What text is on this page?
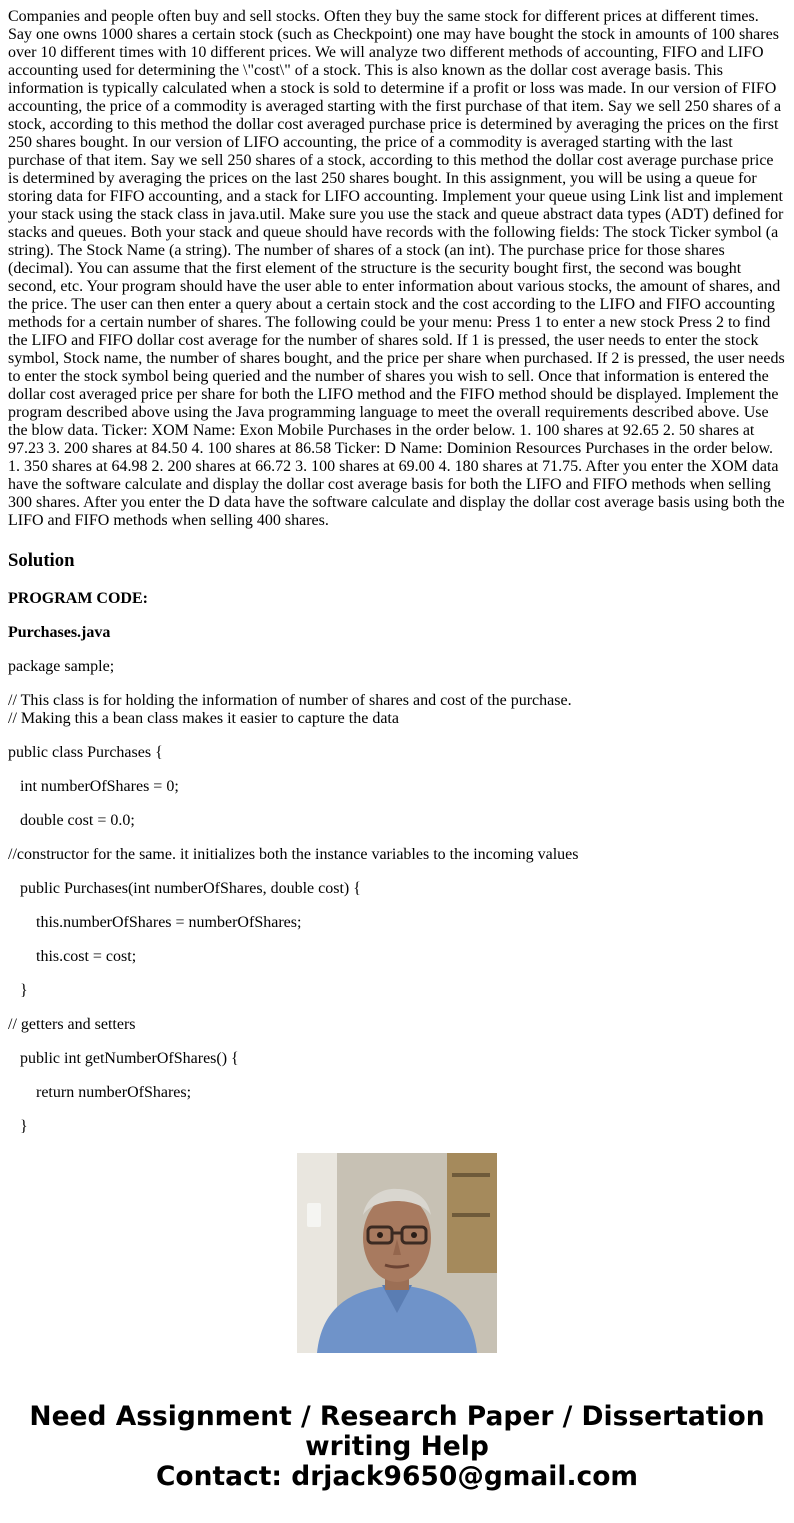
Companies and people often buy and sell stocks. Often they buy the same stock for different prices at different times. Say one owns 1000 shares a certain stock (such as Checkpoint) one may have bought the stock in amounts of 100 shares over 10 different times with 10 different prices. We will analyze two different methods of accounting, FIFO and LIFO accounting used for determining the \"cost\" of a stock. This is also known as the dollar cost average basis. This information is typically calculated when a stock is sold to determine if a profit or loss was made. In our version of FIFO accounting, the price of a commodity is averaged starting with the first purchase of that item. Say we sell 250 shares of a stock, according to this method the dollar cost averaged purchase price is determined by averaging the prices on the first 250 shares bought. In our version of LIFO accounting, the price of a commodity is averaged starting with the last purchase of that item. Say we sell 250 shares of a stock, according to this method the dollar cost average purchase price is determined by averaging the prices on the last 250 shares bought. In this assignment, you will be using a queue for storing data for FIFO accounting, and a stack for LIFO accounting. Implement your queue using Link list and implement your stack using the stack class in java.util. Make sure you use the stack and queue abstract data types (ADT) defined for stacks and queues. Both your stack and queue should have records with the following fields: The stock Ticker symbol (a string). The Stock Name (a string). The number of shares of a stock (an int). The purchase price for those shares (decimal). You can assume that the first element of the structure is the security bought first, the second was bought second, etc. Your program should have the user able to enter information about various stocks, the amount of shares, and the price. The user can then enter a query about a certain stock and the cost according to the LIFO and FIFO accounting methods for a certain number of shares. The following could be your menu: Press 1 to enter a new stock Press 2 to find the LIFO and FIFO dollar cost average for the number of shares sold. If 1 is pressed, the user needs to enter the stock symbol, Stock name, the number of shares bought, and the price per share when purchased. If 2 is pressed, the user needs to enter the stock symbol being queried and the number of shares you wish to sell. Once that information is entered the dollar cost averaged price per share for both the LIFO method and the FIFO method should be displayed. Implement the program described above using the Java programming language to meet the overall requirements described above. Use the blow data. Ticker: XOM Name: Exon Mobile Purchases in the order below. 1. 100 shares at 92.65 2. 50 shares at 97.23 3. 200 shares at 84.50 4. 100 shares at 86.58 Ticker: D Name: Dominion Resources Purchases in the order below. 1. 350 shares at 64.98 2. 200 shares at 66.72 3. 100 shares at 69.00 4. 180 shares at 71.75. After you enter the XOM data have the software calculate and display the dollar cost average basis for both the LIFO and FIFO methods when selling 300 shares. After you enter the D data have the software calculate and display the dollar cost average basis using both the LIFO and FIFO methods when selling 400 shares.

Solution

PROGRAM CODE:

Purchases.java

package sample;

// This class is for holding the information of number of shares and cost of the purchase.
// Making this a bean class makes it easier to capture the data

public class Purchases {

int numberOfShares = 0;

double cost = 0.0;

//constructor for the same. it initializes both the instance variables to the incoming values

public Purchases(int numberOfShares, double cost) {

this.numberOfShares = numberOfShares;

this.cost = cost;

}

// getters and setters

public int getNumberOfShares() {

return numberOfShares;

}

Need Assignment / Research Paper / Dissertation
writing Help
Contact: drjack9650@gmail.com
